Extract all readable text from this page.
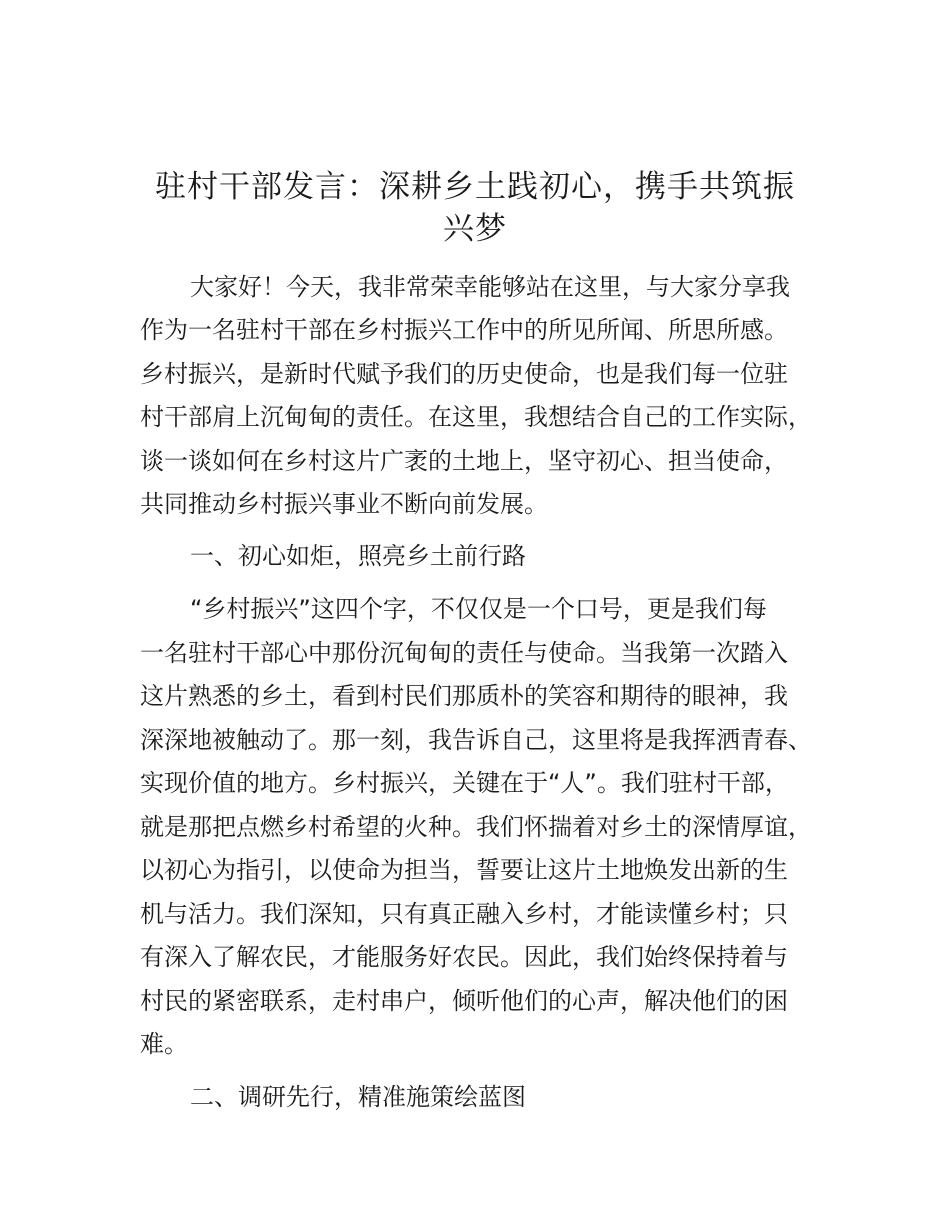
驻村干部发言：深耕乡土践初心，携手共筑振
兴梦

大家好！今天，我非常荣幸能够站在这里，与大家分享我

作为一名驻村干部在乡村振兴工作中的所见所闻、所思所感。

乡村振兴，是新时代赋予我们的历史使命，也是我们每一位驻

村干部肩上沉甸甸的责任。在这里，我想结合自己的工作实际，

谈一谈如何在乡村这片广袤的土地上，坚守初心、担当使命，

共同推动乡村振兴事业不断向前发展。

一、初心如炬，照亮乡土前行路

“乡村振兴”这四个字，不仅仅是一个口号，更是我们每

一名驻村干部心中那份沉甸甸的责任与使命。当我第一次踏入

这片熟悉的乡土，看到村民们那质朴的笑容和期待的眼神，我

深深地被触动了。那一刻，我告诉自己，这里将是我挥洒青春、

实现价值的地方。乡村振兴，关键在于“人”。我们驻村干部，

就是那把点燃乡村希望的火种。我们怀揣着对乡土的深情厚谊，

以初心为指引，以使命为担当，誓要让这片土地焕发出新的生

机与活力。我们深知，只有真正融入乡村，才能读懂乡村；只

有深入了解农民，才能服务好农民。因此，我们始终保持着与

村民的紧密联系，走村串户，倾听他们的心声，解决他们的困

难。

二、调研先行，精准施策绘蓝图
